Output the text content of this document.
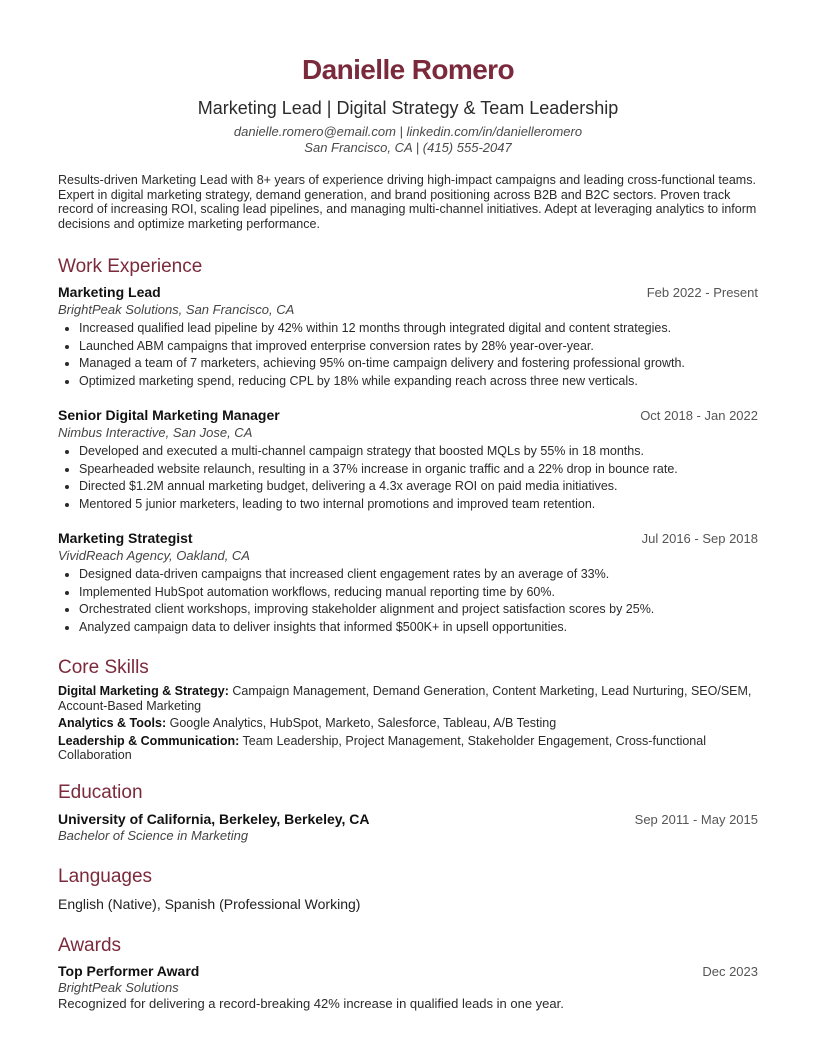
Danielle Romero
Marketing Lead | Digital Strategy & Team Leadership
danielle.romero@email.com | linkedin.com/in/danielleromero
San Francisco, CA | (415) 555-2047
Results-driven Marketing Lead with 8+ years of experience driving high-impact campaigns and leading cross-functional teams. Expert in digital marketing strategy, demand generation, and brand positioning across B2B and B2C sectors. Proven track record of increasing ROI, scaling lead pipelines, and managing multi-channel initiatives. Adept at leveraging analytics to inform decisions and optimize marketing performance.
Work Experience
Marketing Lead	Feb 2022 - Present
BrightPeak Solutions, San Francisco, CA
• Increased qualified lead pipeline by 42% within 12 months through integrated digital and content strategies.
• Launched ABM campaigns that improved enterprise conversion rates by 28% year-over-year.
• Managed a team of 7 marketers, achieving 95% on-time campaign delivery and fostering professional growth.
• Optimized marketing spend, reducing CPL by 18% while expanding reach across three new verticals.
Senior Digital Marketing Manager	Oct 2018 - Jan 2022
Nimbus Interactive, San Jose, CA
• Developed and executed a multi-channel campaign strategy that boosted MQLs by 55% in 18 months.
• Spearheaded website relaunch, resulting in a 37% increase in organic traffic and a 22% drop in bounce rate.
• Directed $1.2M annual marketing budget, delivering a 4.3x average ROI on paid media initiatives.
• Mentored 5 junior marketers, leading to two internal promotions and improved team retention.
Marketing Strategist	Jul 2016 - Sep 2018
VividReach Agency, Oakland, CA
• Designed data-driven campaigns that increased client engagement rates by an average of 33%.
• Implemented HubSpot automation workflows, reducing manual reporting time by 60%.
• Orchestrated client workshops, improving stakeholder alignment and project satisfaction scores by 25%.
• Analyzed campaign data to deliver insights that informed $500K+ in upsell opportunities.
Core Skills

Digital Marketing & Strategy: Campaign Management, Demand Generation, Content Marketing, Lead Nurturing, SEO/SEM, Account-Based Marketing

Analytics & Tools: Google Analytics, HubSpot, Marketo, Salesforce, Tableau, A/B Testing

Leadership & Communication: Team Leadership, Project Management, Stakeholder Engagement, Cross-functional Collaboration

Education
University of California, Berkeley, Berkeley, CA	Sep 2011 - May 2015
Bachelor of Science in Marketing
Languages
English (Native), Spanish (Professional Working)
Awards
Top Performer Award	Dec 2023
BrightPeak Solutions
Recognized for delivering a record-breaking 42% increase in qualified leads in one year.
